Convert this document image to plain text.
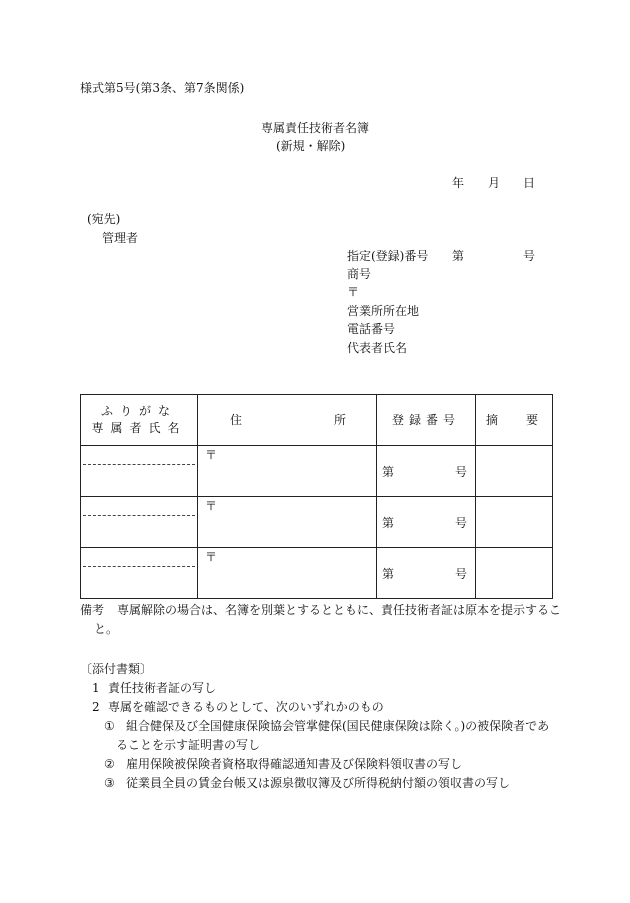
様式第5号(第3条、第7条関係)
専属責任技術者名簿
(新規・解除)
年 月 日
(宛先)
管理者
指定(登録)番号 第	号
商号
〒
営業所所在地
電話番号
代表者氏名
ふりがな
専属者氏名	住 所	登録番号	摘 要

	〒	第 号	

	〒	第 号	

	〒	第 号	

備考 専属解除の場合は、名簿を別葉とするとともに、責任技術者証は原本を提示するこ
と。
〔添付書類〕
1 責任技術者証の写し
2 専属を確認できるものとして、次のいずれかのもの
① 組合健保及び全国健康保険協会管掌健保(国民健康保険は除く。)の被保険者であ
ることを示す証明書の写し
② 雇用保険被保険者資格取得確認通知書及び保険料領収書の写し
③ 従業員全員の賃金台帳又は源泉徴収簿及び所得税納付額の領収書の写し
